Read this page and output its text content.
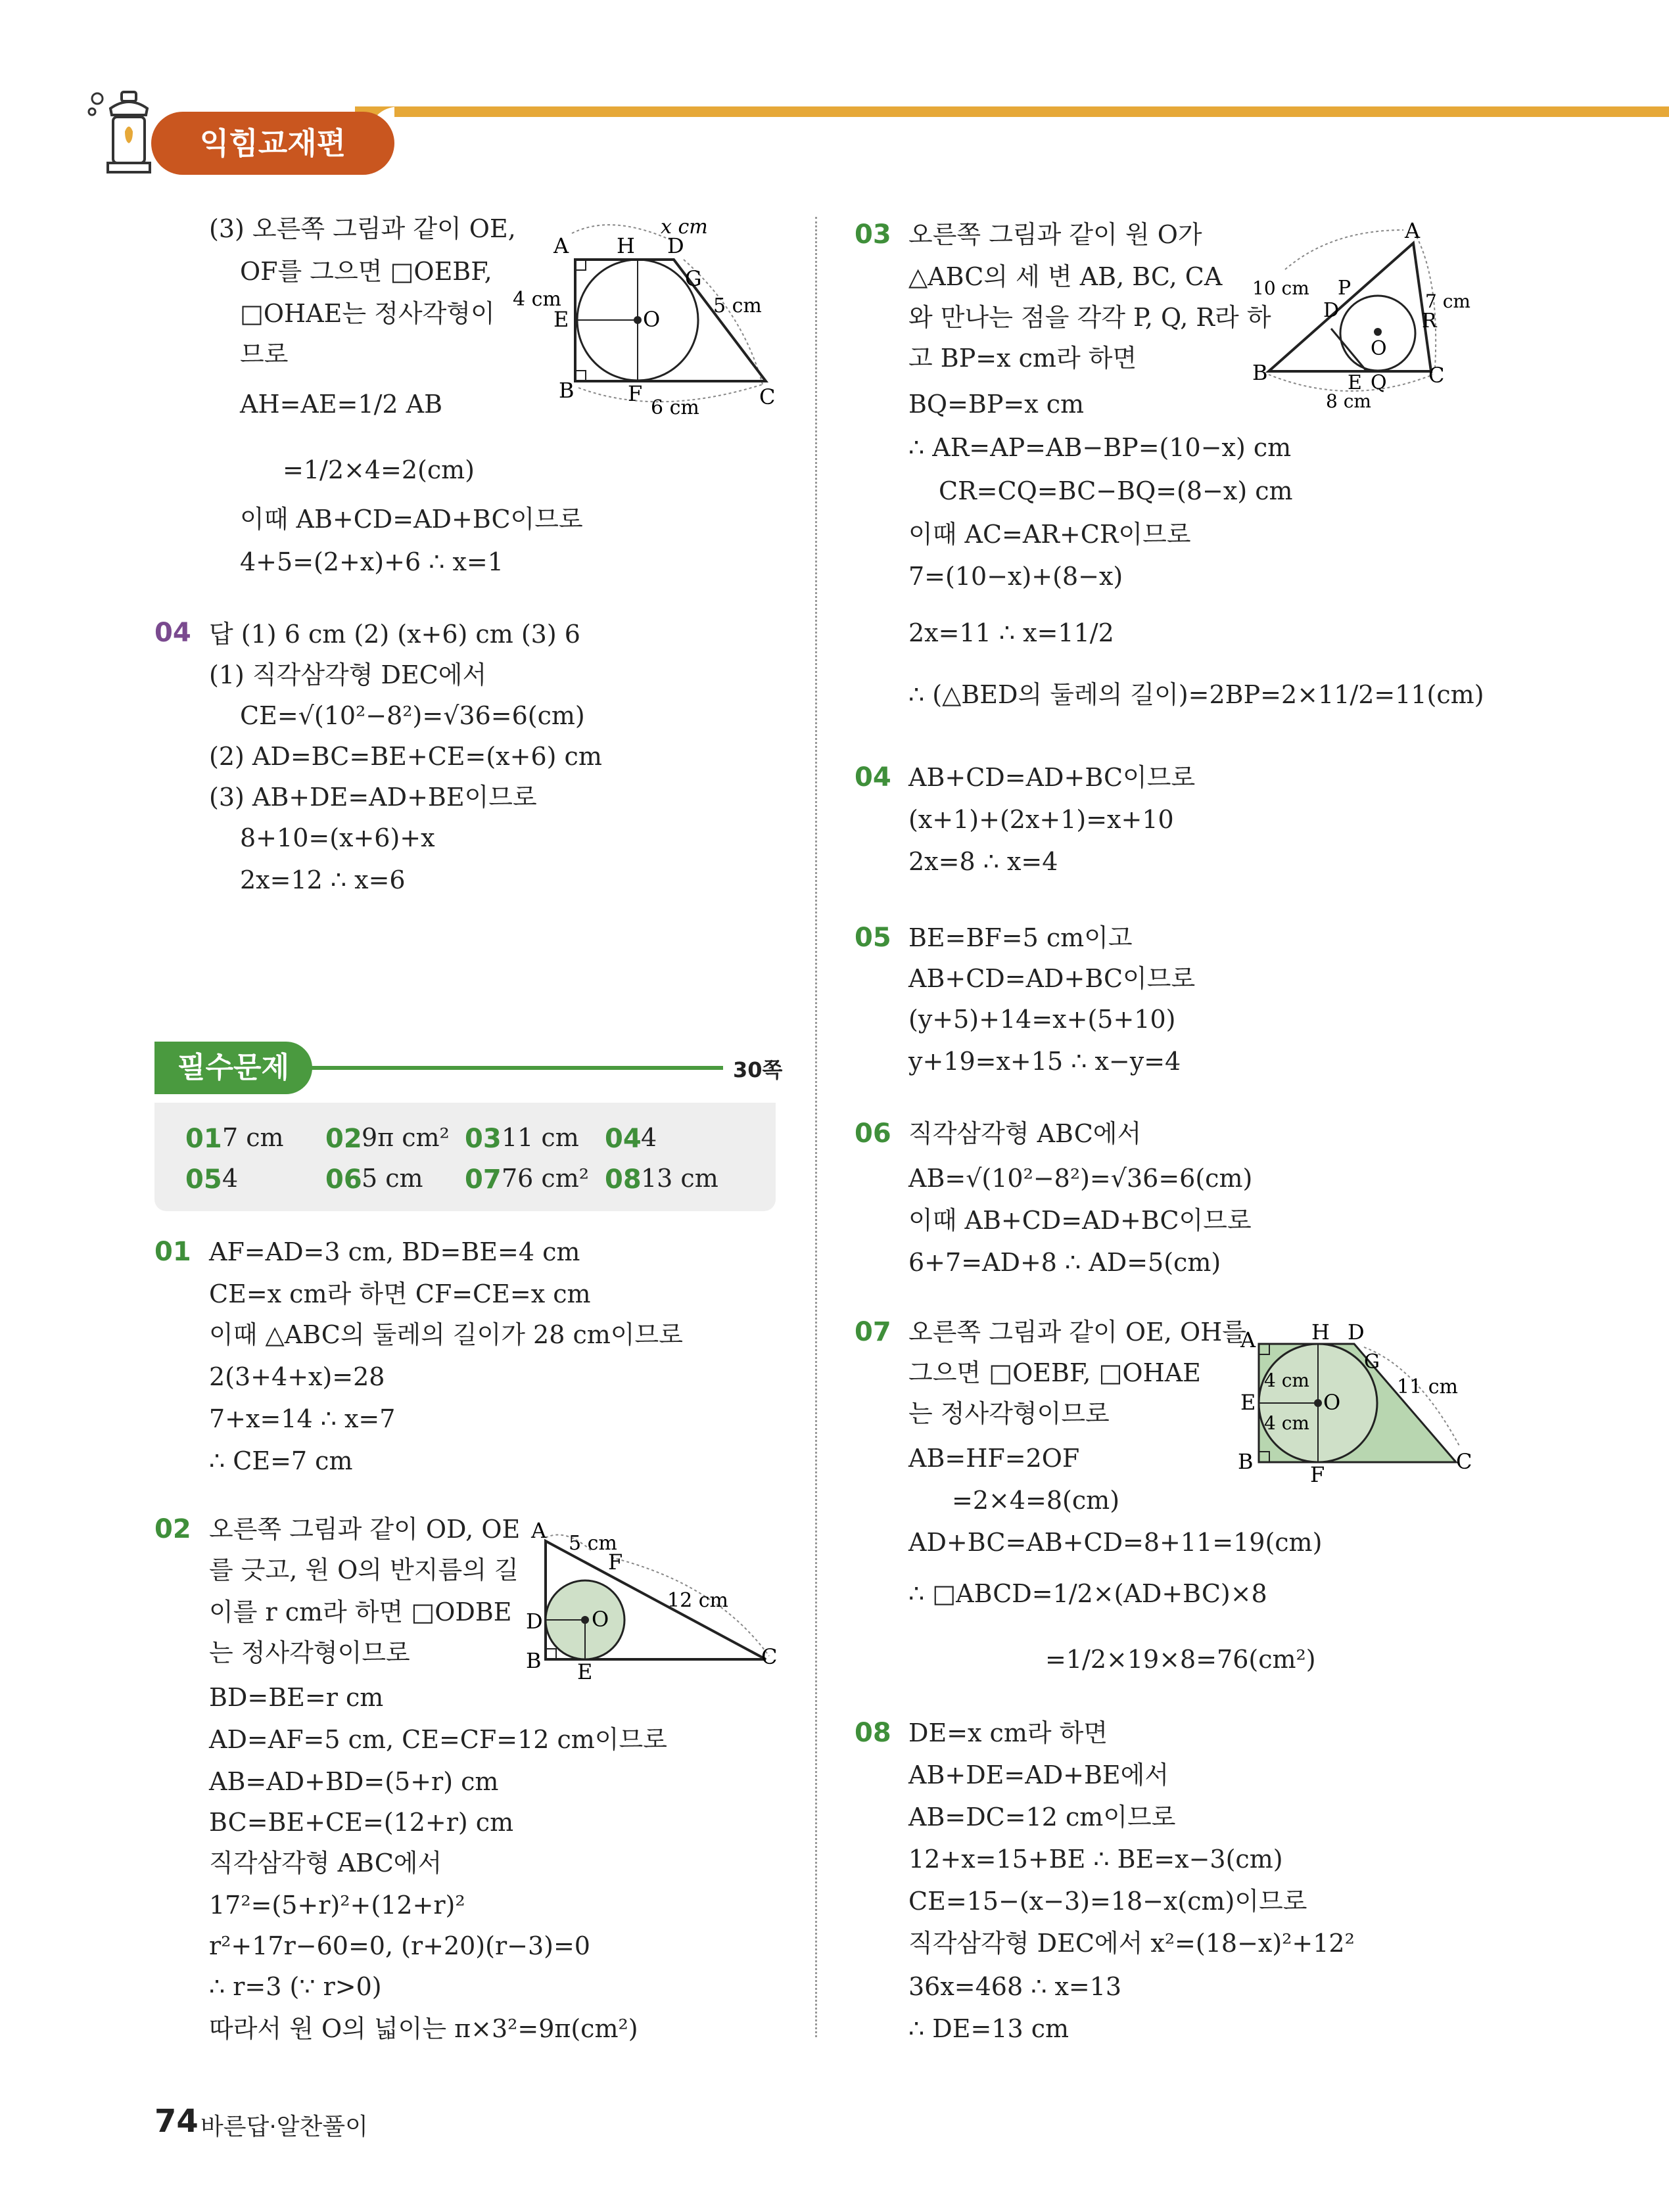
익힘교재편
(3) 오른쪽 그림과 같이 OE,
OF를 그으면 □OEBF,
□OHAE는 정사각형이
므로
AH=AE=1/2 AB
=1/2×4=2(cm)
이때 AB+CD=AD+BC이므로
4+5=(2+x)+6 ∴ x=1
A H D
x cm
G
5 cm
4 cm
E	O
B	F
6 cm	C
04 답 (1) 6 cm (2) (x+6) cm (3) 6
(1) 직각삼각형 DEC에서
CE=√(10²−8²)=√36=6(cm)
(2) AD=BC=BE+CE=(x+6) cm
(3) AB+DE=AD+BE이므로
8+10=(x+6)+x
2x=12 ∴ x=6
필수문제	30쪽
01 7 cm 02 9π cm² 03 11 cm 04 4
05 4	06 5 cm 07 76 cm² 08 13 cm
01 AF=AD=3 cm, BD=BE=4 cm
CE=x cm라 하면 CF=CE=x cm
이때 △ABC의 둘레의 길이가 28 cm이므로
2(3+4+x)=28
7+x=14 ∴ x=7
∴ CE=7 cm
02 오른쪽 그림과 같이 OD, OE
를 긋고, 원 O의 반지름의 길
이를 r cm라 하면 □ODBE
는 정사각형이므로
BD=BE=r cm
AD=AF=5 cm, CE=CF=12 cm이므로
AB=AD+BD=(5+r) cm
BC=BE+CE=(12+r) cm
직각삼각형 ABC에서
17²=(5+r)²+(12+r)²
r²+17r−60=0, (r+20)(r−3)=0
∴ r=3 (∵ r>0)
따라서 원 O의 넓이는 π×3²=9π(cm²)
A
5 cm
F
12 cm
D O
B E
C
03 오른쪽 그림과 같이 원 O가
△ABC의 세 변 AB, BC, CA
와 만나는 점을 각각 P, Q, R라 하
고 BP=x cm라 하면
BQ=BP=x cm
∴ AR=AP=AB−BP=(10−x) cm
CR=CQ=BC−BQ=(8−x) cm
이때 AC=AR+CR이므로
7=(10−x)+(8−x)
2x=11 ∴ x=11/2
∴ (△BED의 둘레의 길이)=2BP=2×11/2=11(cm)
A
10 cm P
D
O
7 cm
R
B	E Q C
8 cm
04 AB+CD=AD+BC이므로
(x+1)+(2x+1)=x+10
2x=8 ∴ x=4
05 BE=BF=5 cm이고
AB+CD=AD+BC이므로
(y+5)+14=x+(5+10)
y+19=x+15 ∴ x−y=4
06 직각삼각형 ABC에서
AB=√(10²−8²)=√36=6(cm)
이때 AB+CD=AD+BC이므로
6+7=AD+8 ∴ AD=5(cm)
07 오른쪽 그림과 같이 OE, OH를
그으면 □OEBF, □OHAE
는 정사각형이므로
AB=HF=2OF
=2×4=8(cm)
AD+BC=AB+CD=8+11=19(cm)
∴ □ABCD=1/2×(AD+BC)×8
=1/2×19×8=76(cm²)
A	H D
G
11 cm
4 cm
E	O
4 cm
B
F
C
08 DE=x cm라 하면
AB+DE=AD+BE에서
AB=DC=12 cm이므로
12+x=15+BE ∴ BE=x−3(cm)
CE=15−(x−3)=18−x(cm)이므로
직각삼각형 DEC에서 x²=(18−x)²+12²
36x=468 ∴ x=13
∴ DE=13 cm
74 바른답·알찬풀이
